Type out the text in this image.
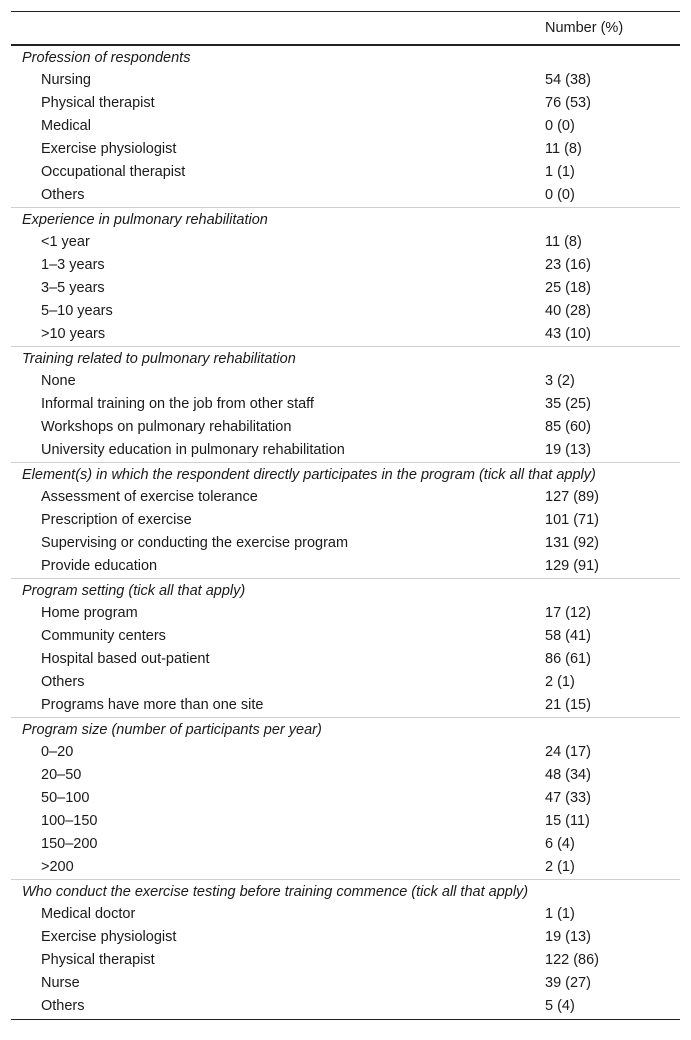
Number (%)
Profession of respondents
Nursing	54 (38)
Physical therapist	76 (53)
Medical	0 (0)
Exercise physiologist	11 (8)
Occupational therapist	1 (1)
Others	0 (0)
Experience in pulmonary rehabilitation
<1 year	11 (8)
1–3 years	23 (16)
3–5 years	25 (18)
5–10 years	40 (28)
>10 years	43 (10)
Training related to pulmonary rehabilitation
None	3 (2)
Informal training on the job from other staff	35 (25)
Workshops on pulmonary rehabilitation	85 (60)
University education in pulmonary rehabilitation	19 (13)
Element(s) in which the respondent directly participates in the program (tick all that apply)
Assessment of exercise tolerance	127 (89)
Prescription of exercise	101 (71)
Supervising or conducting the exercise program	131 (92)
Provide education	129 (91)
Program setting (tick all that apply)
Home program	17 (12)
Community centers	58 (41)
Hospital based out-patient	86 (61)
Others	2 (1)
Programs have more than one site	21 (15)
Program size (number of participants per year)
0–20	24 (17)
20–50	48 (34)
50–100	47 (33)
100–150	15 (11)
150–200	6 (4)
>200	2 (1)
Who conduct the exercise testing before training commence (tick all that apply)
Medical doctor	1 (1)
Exercise physiologist	19 (13)
Physical therapist	122 (86)
Nurse	39 (27)
Others	5 (4)
